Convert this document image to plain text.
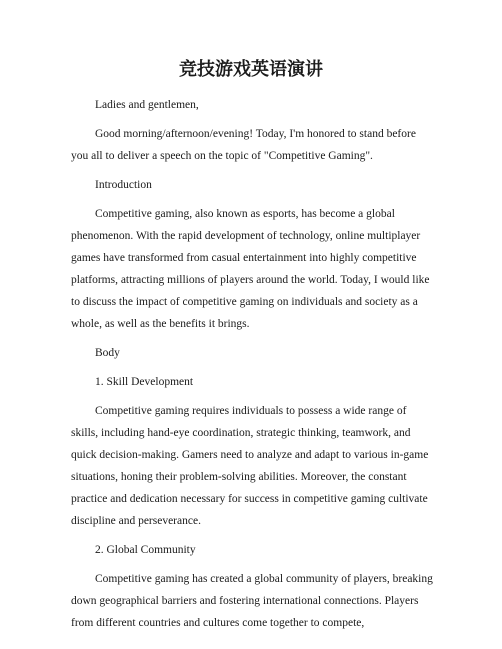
竞技游戏英语演讲

Ladies and gentlemen,

Good morning/afternoon/evening! Today, I'm honored to stand before you all to deliver a speech on the topic of "Competitive Gaming".

Introduction

Competitive gaming, also known as esports, has become a global phenomenon. With the rapid development of technology, online multiplayer games have transformed from casual entertainment into highly competitive platforms, attracting millions of players around the world. Today, I would like to discuss the impact of competitive gaming on individuals and society as a whole, as well as the benefits it brings.

Body

1. Skill Development

Competitive gaming requires individuals to possess a wide range of skills, including hand-eye coordination, strategic thinking, teamwork, and quick decision-making. Gamers need to analyze and adapt to various in-game situations, honing their problem-solving abilities. Moreover, the constant practice and dedication necessary for success in competitive gaming cultivate discipline and perseverance.

2. Global Community

Competitive gaming has created a global community of players, breaking down geographical barriers and fostering international connections. Players from different countries and cultures come together to compete,
